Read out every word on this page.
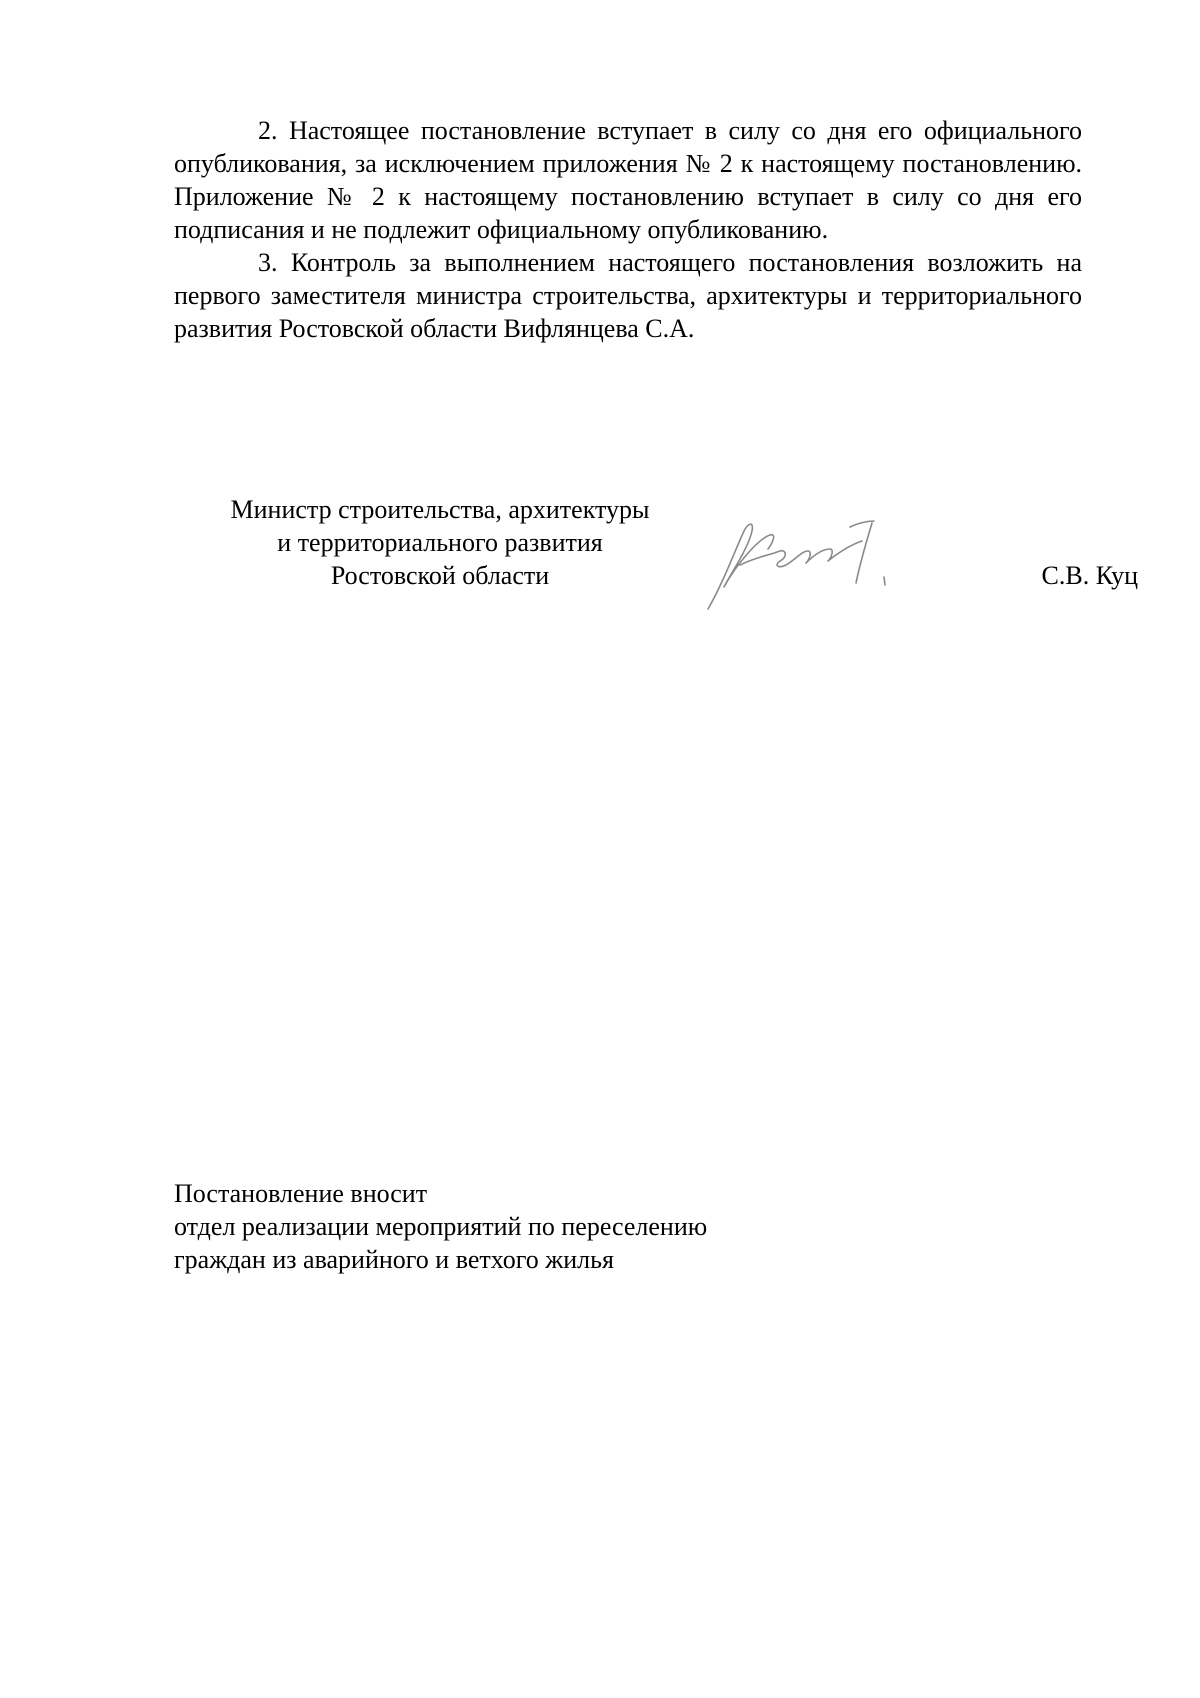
2. Настоящее постановление вступает в силу со дня его официального опубликования, за исключением приложения № 2 к настоящему постановлению. Приложение № 2 к настоящему постановлению вступает в силу со дня его подписания и не подлежит официальному опубликованию.

3. Контроль за выполнением настоящего постановления возложить на первого заместителя министра строительства, архитектуры и территориального развития Ростовской области Вифлянцева С.А.

Министр строительства, архитектуры
и территориального развития
Ростовской области	С.В. Куц
Постановление вносит
отдел реализации мероприятий по переселению
граждан из аварийного и ветхого жилья
